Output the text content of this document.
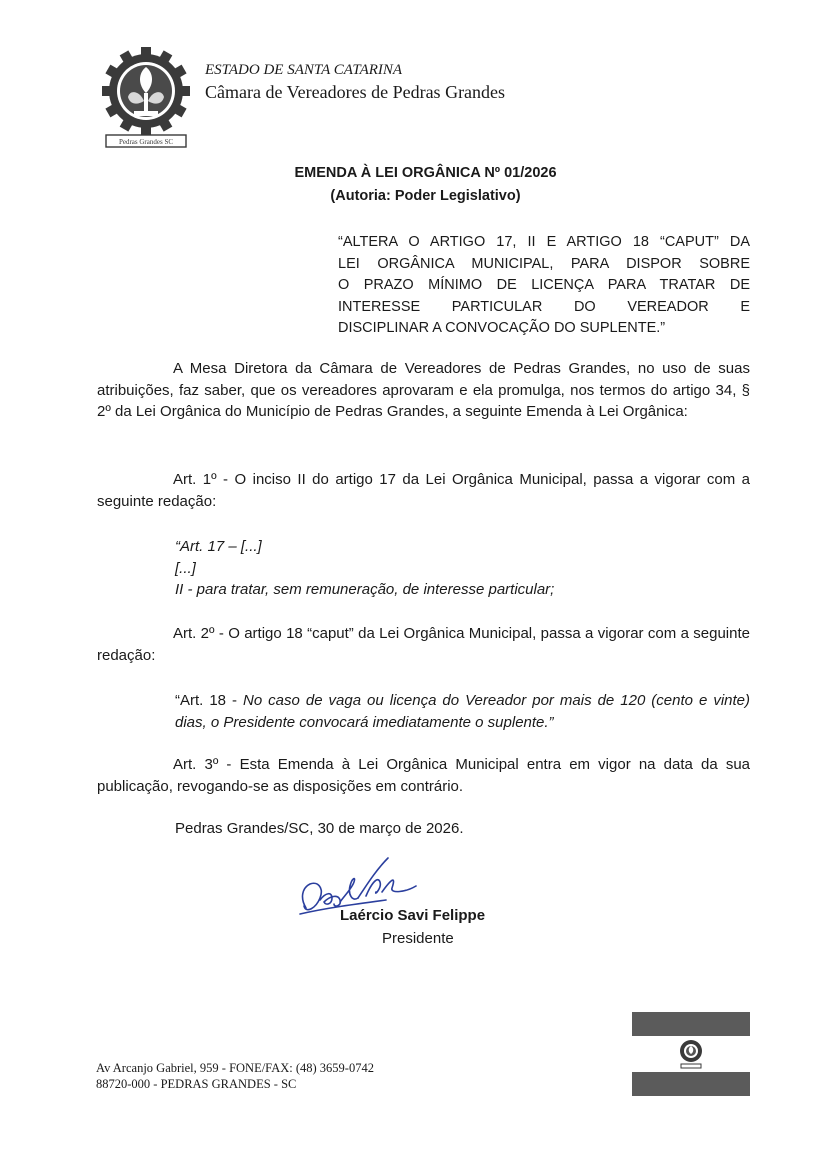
Pedras Grandes SC
ESTADO DE SANTA CATARINA
Câmara de Vereadores de Pedras Grandes
EMENDA À LEI ORGÂNICA Nº 01/2026
(Autoria: Poder Legislativo)
“ALTERA O ARTIGO 17, II E ARTIGO 18 “CAPUT” DA
LEI ORGÂNICA MUNICIPAL, PARA DISPOR SOBRE
O PRAZO MÍNIMO DE LICENÇA PARA TRATAR DE
INTERESSE PARTICULAR DO VEREADOR E
DISCIPLINAR A CONVOCAÇÃO DO SUPLENTE.”
A Mesa Diretora da Câmara de Vereadores de Pedras Grandes, no uso de suas atribuições, faz saber, que os vereadores aprovaram e ela promulga, nos termos do artigo 34, § 2º da Lei Orgânica do Município de Pedras Grandes, a seguinte Emenda à Lei Orgânica:
Art. 1º - O inciso II do artigo 17 da Lei Orgânica Municipal, passa a vigorar com a seguinte redação:
“Art. 17 – [...]
[...]
II - para tratar, sem remuneração, de interesse particular;
Art. 2º - O artigo 18 “caput” da Lei Orgânica Municipal, passa a vigorar com a seguinte redação:
“Art. 18 - No caso de vaga ou licença do Vereador por mais de 120 (cento e vinte) dias, o Presidente convocará imediatamente o suplente.”
Art. 3º - Esta Emenda à Lei Orgânica Municipal entra em vigor na data da sua publicação, revogando-se as disposições em contrário.
Pedras Grandes/SC, 30 de março de 2026.
Laércio Savi Felippe
Presidente
Av Arcanjo Gabriel, 959 - FONE/FAX: (48) 3659-0742
88720-000 - PEDRAS GRANDES - SC
